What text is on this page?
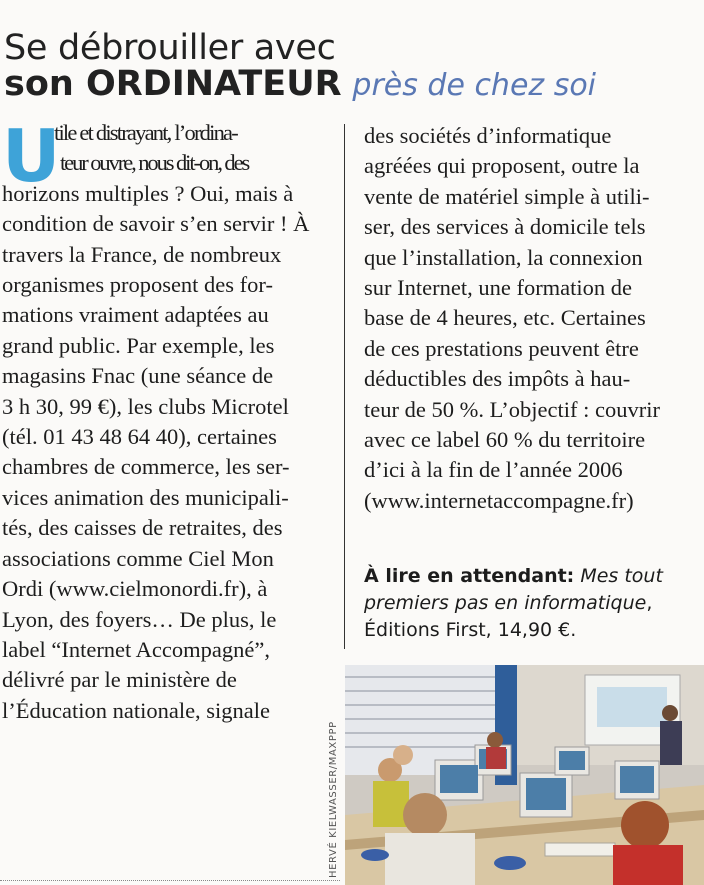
Se débrouiller avec
son ORDINATEUR près de chez soi
U
tile et distrayant, l’ordina-
teur ouvre, nous dit-on, des
horizons multiples ? Oui, mais à
condition de savoir s’en servir ! À
travers la France, de nombreux
organismes proposent des for-
mations vraiment adaptées au
grand public. Par exemple, les
magasins Fnac (une séance de
3 h 30, 99 €), les clubs Microtel
(tél. 01 43 48 64 40), certaines
chambres de commerce, les ser-
vices animation des municipali-
tés, des caisses de retraites, des
associations comme Ciel Mon
Ordi (www.cielmonordi.fr), à
Lyon, des foyers… De plus, le
label “Internet Accompagné”,
délivré par le ministère de
l’Éducation nationale, signale
des sociétés d’informatique
agréées qui proposent, outre la
vente de matériel simple à utili-
ser, des services à domicile tels
que l’installation, la connexion
sur Internet, une formation de
base de 4 heures, etc. Certaines
de ces prestations peuvent être
déductibles des impôts à hau-
teur de 50 %. L’objectif : couvrir
avec ce label 60 % du territoire
d’ici à la fin de l’année 2006
(www.internetaccompagne.fr)
À lire en attendant: Mes tout
premiers pas en informatique, Éditions First, 14,90 €.
HERVÉ KIELWASSER/MAXPPP
